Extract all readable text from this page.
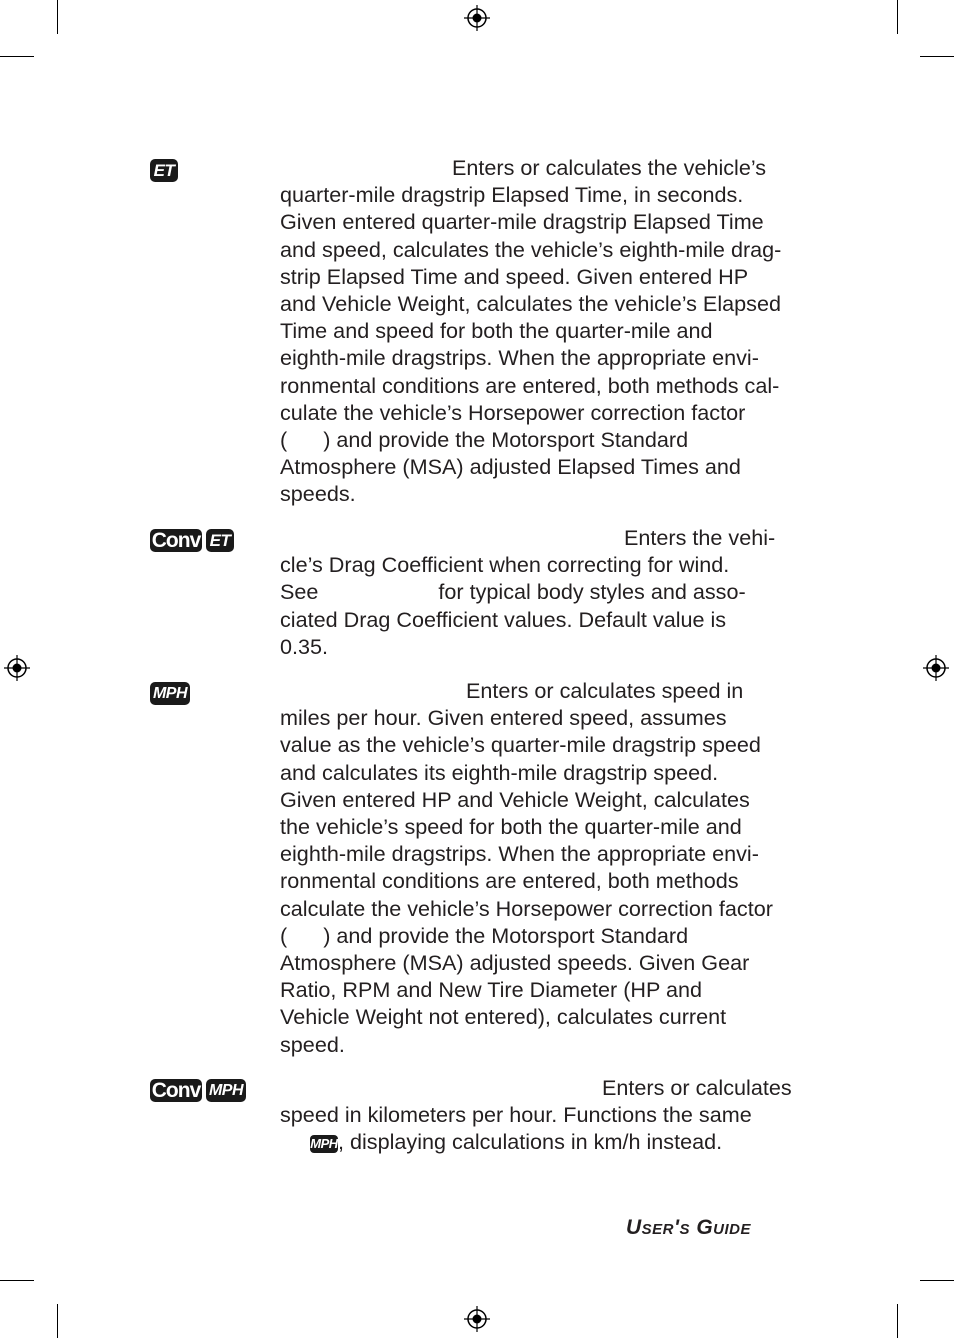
ET	Enters or calculates the vehicle’s
quarter-mile dragstrip Elapsed Time, in seconds.
Given entered quarter-mile dragstrip Elapsed Time
and speed, calculates the vehicle’s eighth-mile drag-
strip Elapsed Time and speed. Given entered HP
and Vehicle Weight, calculates the vehicle’s Elapsed
Time and speed for both the quarter-mile and
eighth-mile dragstrips. When the appropriate envi-
ronmental conditions are entered, both methods cal-
culate the vehicle’s Horsepower correction factor
(      ) and provide the Motorsport Standard
Atmosphere (MSA) adjusted Elapsed Times and
speeds.
Conv ET	Enters the vehi-
cle’s Drag Coefficient when correcting for wind.
See                    for typical body styles and asso-
ciated Drag Coefficient values. Default value is
0.35.
MPH	Enters or calculates speed in
miles per hour. Given entered speed, assumes
value as the vehicle’s quarter-mile dragstrip speed
and calculates its eighth-mile dragstrip speed.
Given entered HP and Vehicle Weight, calculates
the vehicle’s speed for both the quarter-mile and
eighth-mile dragstrips. When the appropriate envi-
ronmental conditions are entered, both methods
calculate the vehicle’s Horsepower correction factor
(      ) and provide the Motorsport Standard
Atmosphere (MSA) adjusted speeds. Given Gear
Ratio, RPM and New Tire Diameter (HP and
Vehicle Weight not entered), calculates current
speed.
Conv MPH	Enters or calculates
speed in kilometers per hour. Functions the same
MPH, displaying calculations in km/h instead.
User's Guide
